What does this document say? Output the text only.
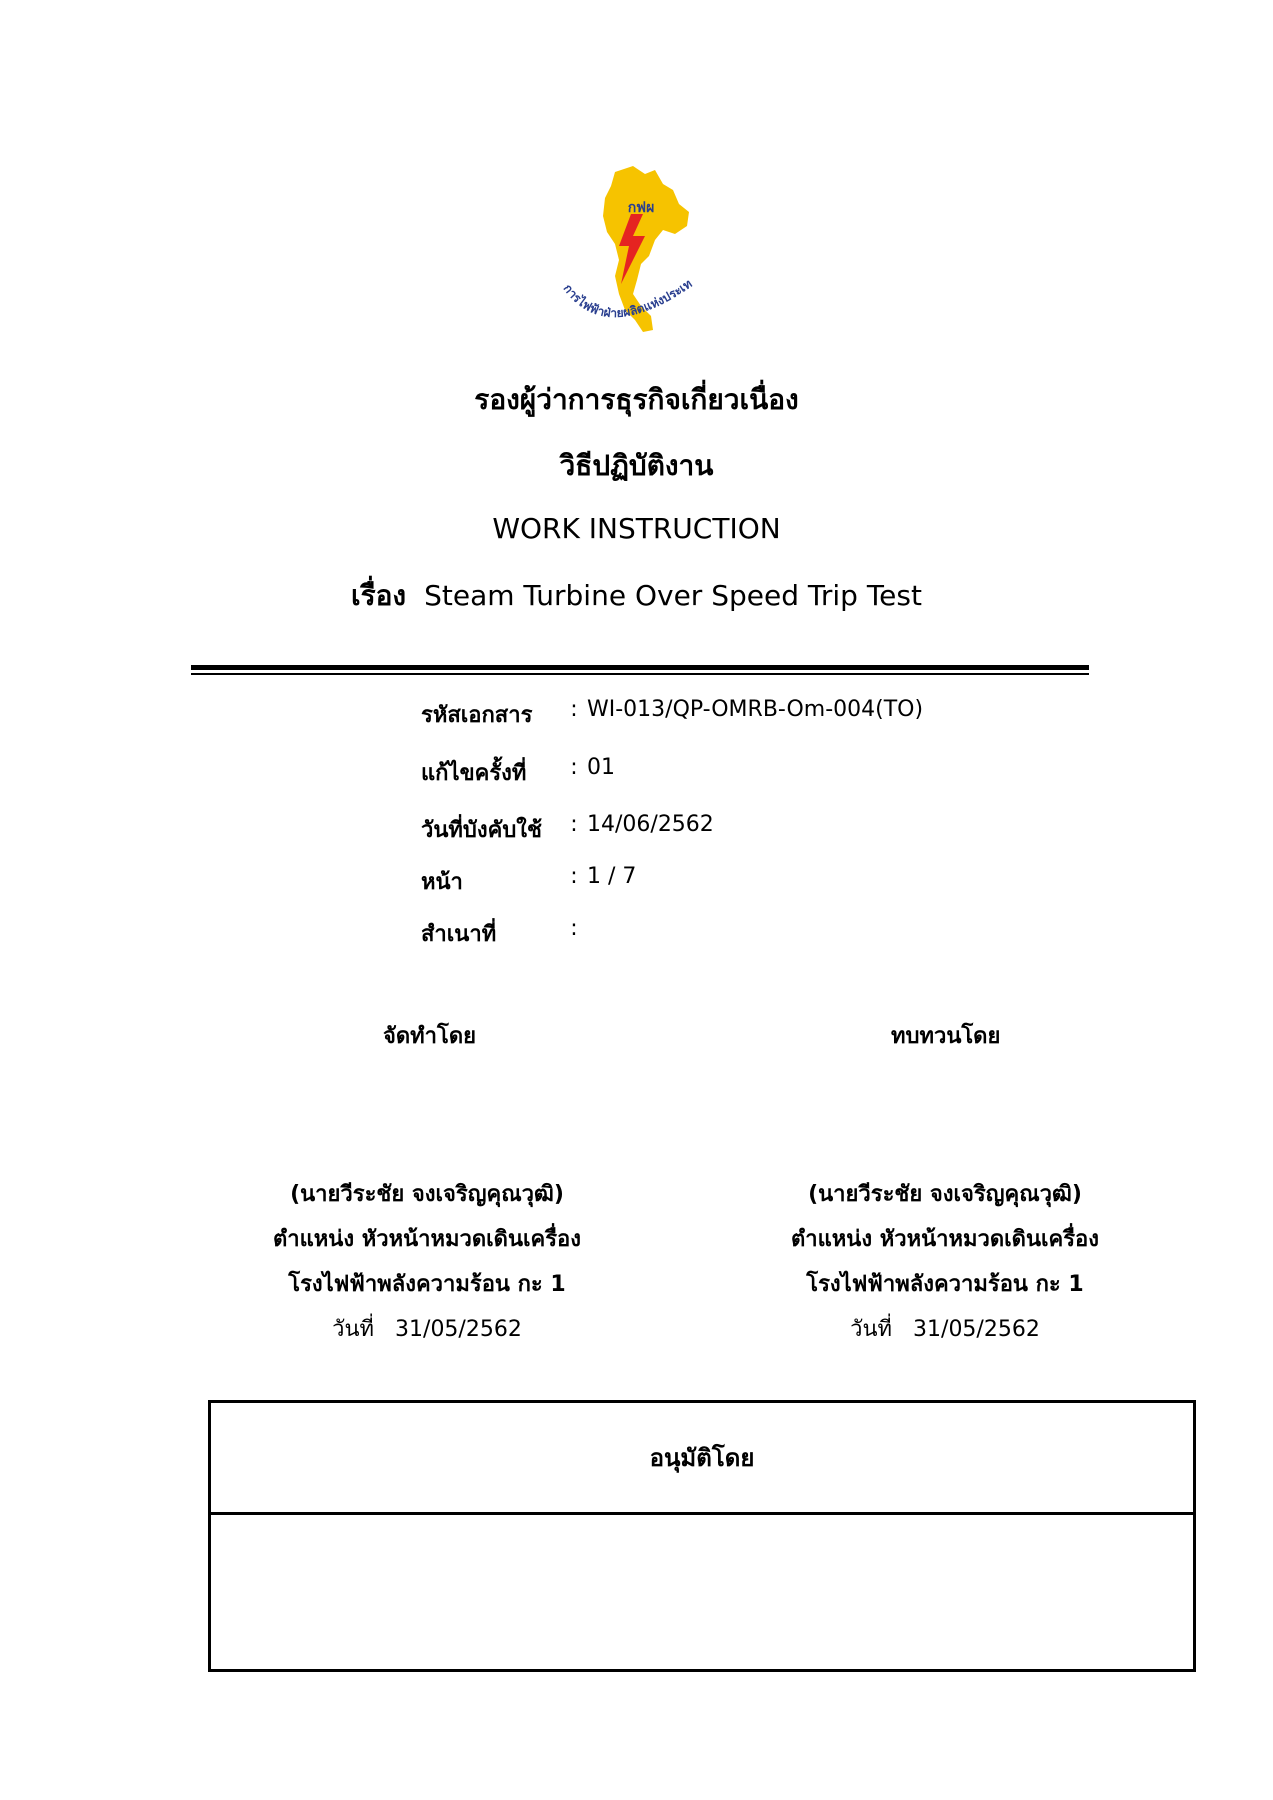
การไฟฟ้าฝ่ายผลิตแห่งประเท
กฟผ
รองผู้ว่าการธุรกิจเกี่ยวเนื่อง
วิธีปฏิบัติงาน
WORK INSTRUCTION
เรื่อง Steam Turbine Over Speed Trip Test
รหัสเอกสาร	: WI-013/QP-OMRB-Om-004(TO)
แก้ไขครั้งที่	: 01
วันที่บังคับใช้	: 14/06/2562
หน้า	: 1 / 7
สำเนาที่	:
จัดทำโดย	ทบทวนโดย
(นายวีระชัย จงเจริญคุณวุฒิ)
ตำแหน่ง หัวหน้าหมวดเดินเครื่อง
โรงไฟฟ้าพลังความร้อน กะ 1
วันที่ 31/05/2562
(นายวีระชัย จงเจริญคุณวุฒิ)
ตำแหน่ง หัวหน้าหมวดเดินเครื่อง
โรงไฟฟ้าพลังความร้อน กะ 1
วันที่ 31/05/2562
อนุมัติโดย
